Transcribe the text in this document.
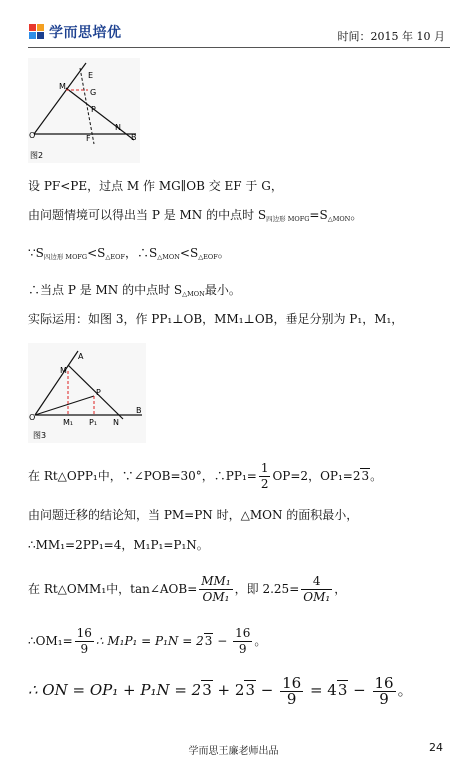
学而思培优	时间：2015 年 10 月
O
M
E
G
P
N
B
F
图2
设 PF<PE，过点 M 作 MG∥OB 交 EF 于 G，
由问题情境可以得出当 P 是 MN 的中点时 $S_{四边形 MOFG}=S_{\triangle MON}$。
$\because S_{四边形 MOFG}<S_{\triangle EOF}$，$\therefore S_{\triangle MON}<S_{\triangle EOF}$。
∴当点 P 是 MN 的中点时 $S_{\triangle MON}$最小。
实际运用：如图 3，作 PP₁⊥OB，MM₁⊥OB，垂足分别为 P₁，M₁，
A
M
P
B
O
M₁ P₁ N
图3
在 Rt△OPP₁中，∵∠POB=30°，∴PP₁= $\frac{1}{2} OP=2$，OP₁=23。
由问题迁移的结论知，当 PM=PN 时，△MON 的面积最小，
∴MM₁=2PP₁=4，M₁P₁=P₁N。
在 Rt△OMM₁中，tan∠AOB= $\frac{\text{MM₁}}{\text{OM₁}}$ ，即 $2.25= \frac{4}{\text{OM₁}}$ ，
∴OM₁= $\frac{16}{9}$ ∴ $M_1P_1 = P_1N = 23 - \frac{16}{9}$ 。
∴ ON = $OP_1 + P_1N = 23 + 23 - \frac{16}{9} = 43 - \frac{16}{9}$ 。
学而思王廉老师出品	24
